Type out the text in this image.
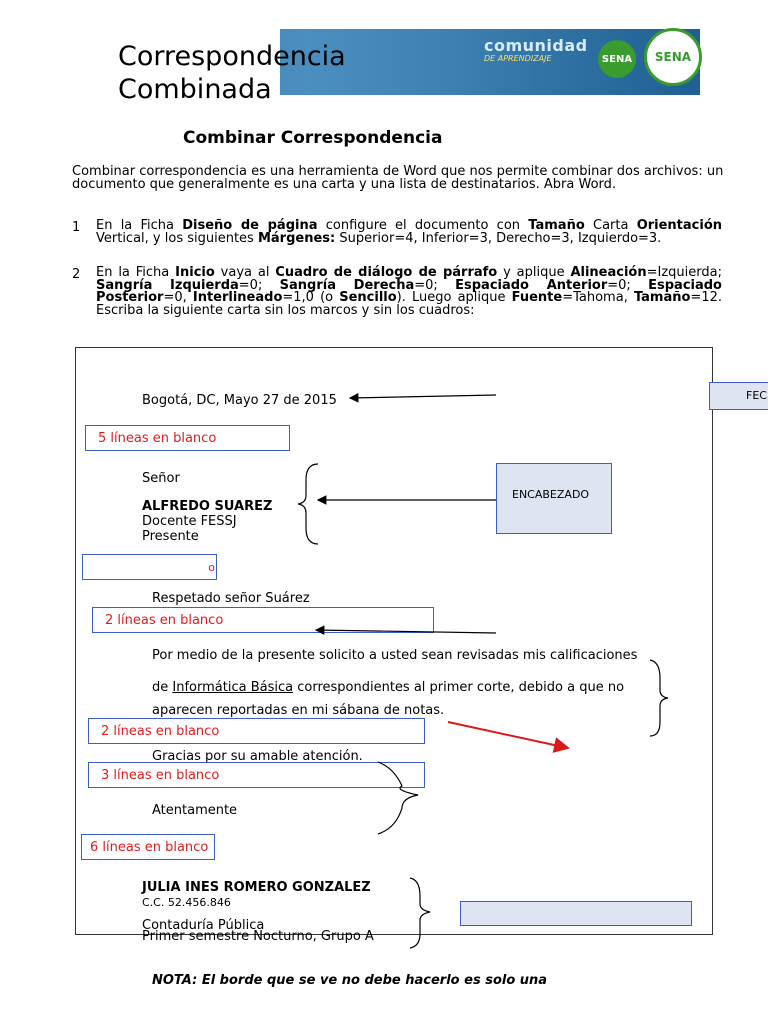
comunidad
DE APRENDIZAJE	SENA	SENA
Correspondencia Combinada
Combinar Correspondencia
Combinar correspondencia es una herramienta de Word que nos permite combinar dos archivos: un documento que generalmente es una carta y una lista de destinatarios. Abra Word.
1 En la Ficha Diseño de página configure el documento con Tamaño Carta Orientación Vertical, y los siguientes Márgenes: Superior=4, Inferior=3, Derecho=3, Izquierdo=3.
2 En la Ficha Inicio vaya al Cuadro de diálogo de párrafo y aplique Alineación=Izquierda; Sangría Izquierda=0; Sangría Derecha=0; Espaciado Anterior=0; Espaciado Posterior=0, Interlineado=1,0 (o Sencillo). Luego aplique Fuente=Tahoma, Tamaño=12. Escriba la siguiente carta sin los marcos y sin los cuadros:
Bogotá, DC, Mayo 27 de 2015
5 líneas en blanco
Señor
ALFREDO SUAREZ
Docente FESSJ
Presente
ENCABEZADO
FEC
o
Respetado señor Suárez
2 líneas en blanco
Por medio de la presente solicito a usted sean revisadas mis calificaciones
de Informática Básica correspondientes al primer corte, debido a que no
aparecen reportadas en mi sábana de notas.
2 líneas en blanco
Gracias por su amable atención.
3 líneas en blanco
Atentamente
6 líneas en blanco
JULIA INES ROMERO GONZALEZ
C.C. 52.456.846
Contaduría Pública
Primer semestre Nocturno, Grupo A
NOTA: El borde que se ve no debe hacerlo es solo una
